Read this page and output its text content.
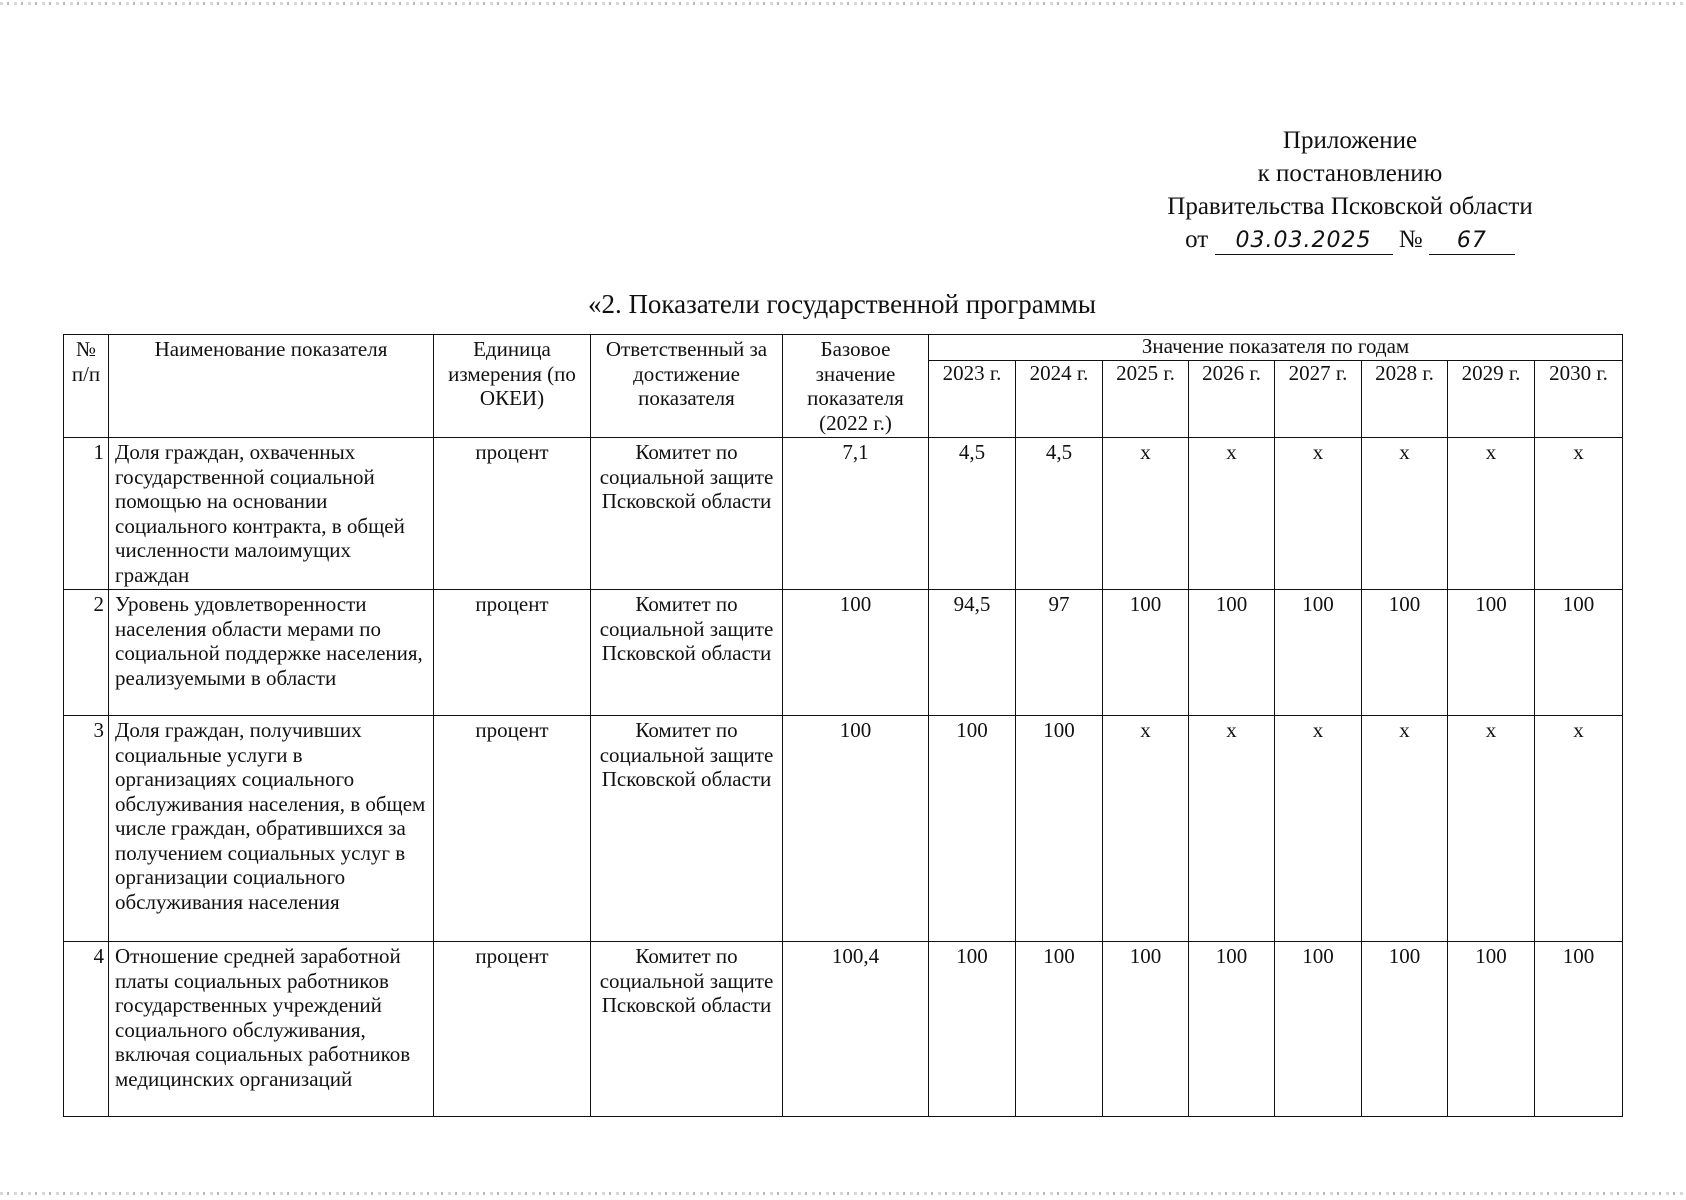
Приложение
к постановлению
Правительства Псковской области
от 03.03.2025 № 67
«2. Показатели государственной программы
№ п/п	Наименование показателя	Единица измерения (по ОКЕИ)	Ответственный за достижение показателя	Базовое значение показателя (2022 г.)	Значение показателя по годам							
					2023 г.	2024 г.	2025 г.	2026 г.	2027 г.	2028 г.	2029 г.	2030 г.
1	Доля граждан, охваченных государственной социальной помощью на основании социального контракта, в общей численности малоимущих граждан	процент	Комитет по социальной защите Псковской области	7,1	4,5	4,5	х	х	х	х	х	х
2	Уровень удовлетворенности населения области мерами по социальной поддержке населения, реализуемыми в области	процент	Комитет по социальной защите Псковской области	100	94,5	97	100	100	100	100	100	100
3	Доля граждан, получивших социальные услуги в организациях социального обслуживания населения, в общем числе граждан, обратившихся за получением социальных услуг в организации социального обслуживания населения	процент	Комитет по социальной защите Псковской области	100	100	100	х	х	х	х	х	х
4	Отношение средней заработной платы социальных работников государственных учреждений социального обслуживания, включая социальных работников медицинских организаций	процент	Комитет по социальной защите Псковской области	100,4	100	100	100	100	100	100	100	100
